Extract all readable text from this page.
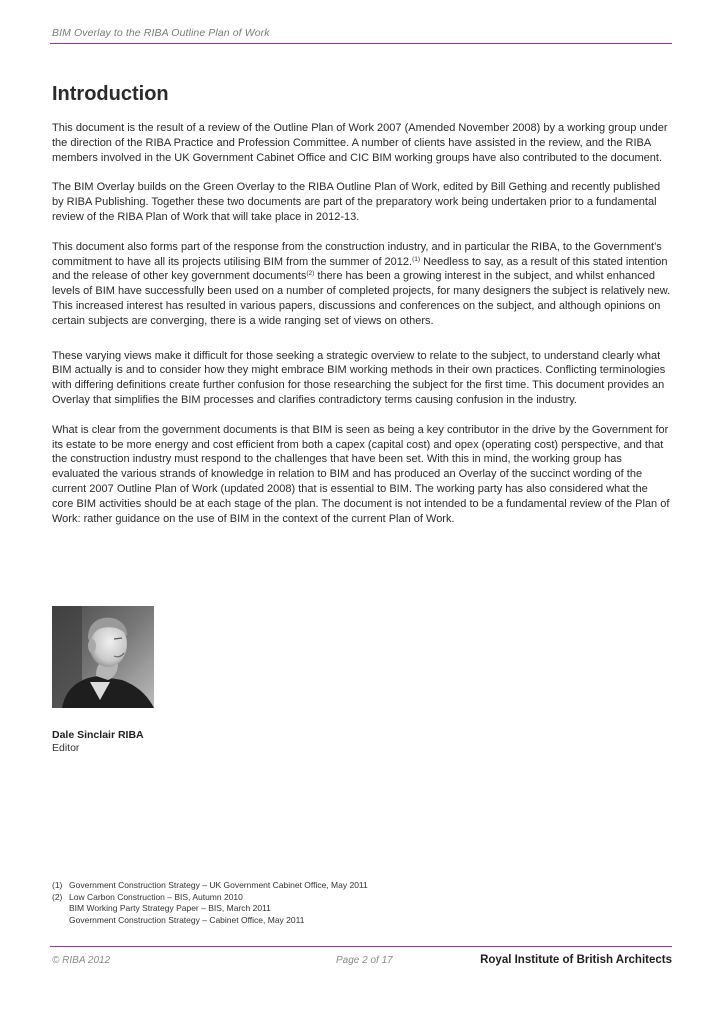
BIM Overlay to the RIBA Outline Plan of Work
Introduction

This document is the result of a review of the Outline Plan of Work 2007 (Amended November 2008) by a working group under the direction of the RIBA Practice and Profession Committee. A number of clients have assisted in the review, and the RIBA members involved in the UK Government Cabinet Office and CIC BIM working groups have also contributed to the document.

The BIM Overlay builds on the Green Overlay to the RIBA Outline Plan of Work, edited by Bill Gething and recently published by RIBA Publishing. Together these two documents are part of the preparatory work being undertaken prior to a fundamental review of the RIBA Plan of Work that will take place in 2012-13.

This document also forms part of the response from the construction industry, and in particular the RIBA, to the Government’s commitment to have all its projects utilising BIM from the summer of 2012.$^{(1)}$ Needless to say, as a result of this stated intention and the release of other key government documents$^{(2)}$ there has been a growing interest in the subject, and whilst enhanced levels of BIM have successfully been used on a number of completed projects, for many designers the subject is relatively new. This increased interest has resulted in various papers, discussions and conferences on the subject, and although opinions on certain subjects are converging, there is a wide ranging set of views on others.

These varying views make it difficult for those seeking a strategic overview to relate to the subject, to understand clearly what BIM actually is and to consider how they might embrace BIM working methods in their own practices. Conflicting terminologies with differing definitions create further confusion for those researching the subject for the first time. This document provides an Overlay that simplifies the BIM processes and clarifies contradictory terms causing confusion in the industry.

What is clear from the government documents is that BIM is seen as being a key contributor in the drive by the Government for its estate to be more energy and cost efficient from both a capex (capital cost) and opex (operating cost) perspective, and that the construction industry must respond to the challenges that have been set. With this in mind, the working group has evaluated the various strands of knowledge in relation to BIM and has produced an Overlay of the succinct wording of the current 2007 Outline Plan of Work (updated 2008) that is essential to BIM. The working party has also considered what the core BIM activities should be at each stage of the plan. The document is not intended to be a fundamental review of the Plan of Work: rather guidance on the use of BIM in the context of the current Plan of Work.

Dale Sinclair RIBA
Editor
(1) Government Construction Strategy – UK Government Cabinet Office, May 2011
(2) Low Carbon Construction – BIS, Autumn 2010
BIM Working Party Strategy Paper – BIS, March 2011
Government Construction Strategy – Cabinet Office, May 2011
© RIBA 2012	Page 2 of 17	Royal Institute of British Architects
